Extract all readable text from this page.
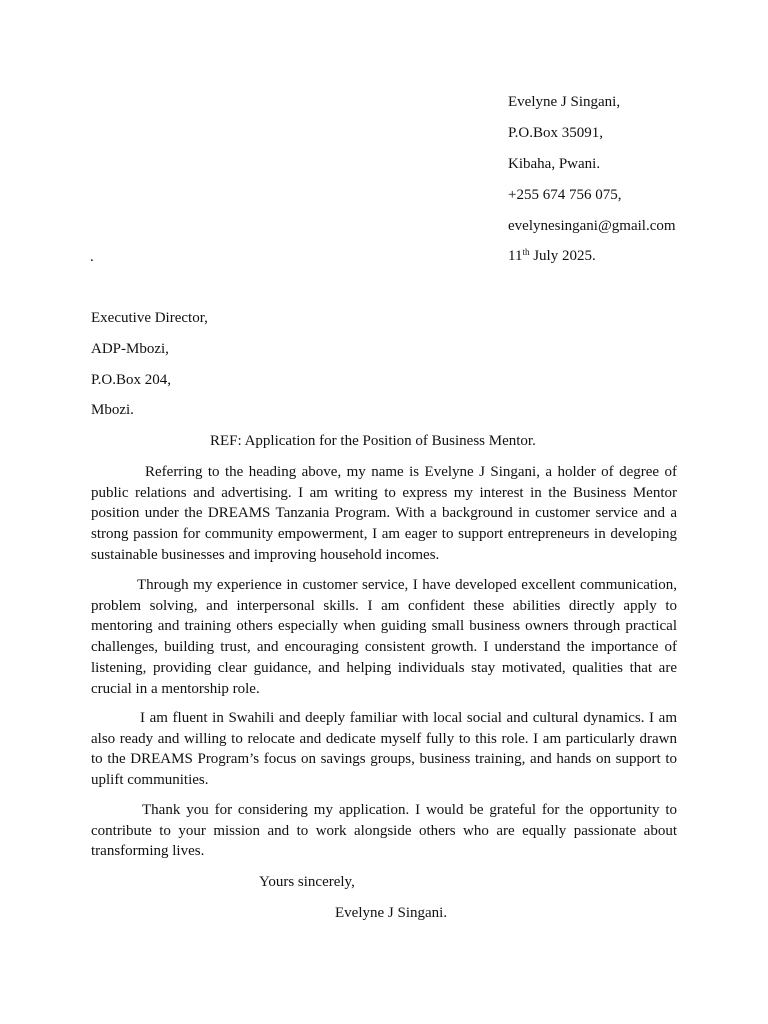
Evelyne J Singani,
P.O.Box 35091,
Kibaha, Pwani.
+255 674 756 075,
evelynesingani@gmail.com
11th July 2025.
.
Executive Director,
ADP-Mbozi,
P.O.Box 204,
Mbozi.
REF: Application for the Position of Business Mentor.
Referring to the heading above, my name is Evelyne J Singani, a holder of degree of public relations and advertising. I am writing to express my interest in the Business Mentor position under the DREAMS Tanzania Program. With a background in customer service and a strong passion for community empowerment, I am eager to support entrepreneurs in developing sustainable businesses and improving household incomes.
Through my experience in customer service, I have developed excellent communication, problem solving, and interpersonal skills. I am confident these abilities directly apply to mentoring and training others especially when guiding small business owners through practical challenges, building trust, and encouraging consistent growth. I understand the importance of listening, providing clear guidance, and helping individuals stay motivated, qualities that are crucial in a mentorship role.
I am fluent in Swahili and deeply familiar with local social and cultural dynamics. I am also ready and willing to relocate and dedicate myself fully to this role. I am particularly drawn to the DREAMS Program’s focus on savings groups, business training, and hands on support to uplift communities.
Thank you for considering my application. I would be grateful for the opportunity to contribute to your mission and to work alongside others who are equally passionate about transforming lives.
Yours sincerely,
Evelyne J Singani.
